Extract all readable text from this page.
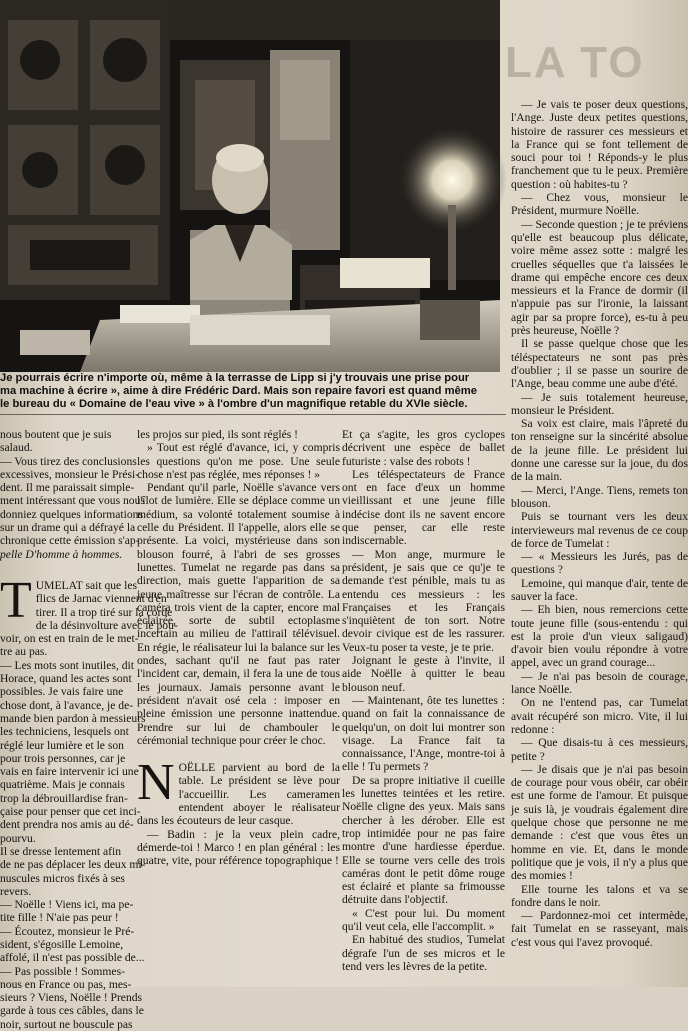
LA TO

Je pourrais écrire n'importe où, même à la terrasse de Lipp si j'y trouvais une prise pour

ma machine à écrire », aime à dire Frédéric Dard. Mais son repaire favori est quand même

le bureau du « Domaine de l'eau vive » à l'ombre d'un magnifique retable du XVIe siècle.

nous boutent que je suis

salaud.

— Vous tirez des conclusions

excessives, monsieur le Prési-

dent. Il me paraissait simple-

ment intéressant que vous nous

donniez quelques informations

sur un drame qui a défrayé la

chronique cette émission s'ap-

pelle D'homme à hommes.

T UMELAT sait que les

flics de Jarnac viennent d'en

tirer. Il a trop tiré sur la corde

de la désinvolture avec le pou-

voir, on est en train de le met-

tre au pas.

— Les mots sont inutiles, dit

Horace, quand les actes sont

possibles. Je vais faire une

chose dont, à l'avance, je de-

mande bien pardon à messieurs

les techniciens, lesquels ont

réglé leur lumière et le son

pour trois personnes, car je

vais en faire intervenir ici une

quatrième. Mais je connais

trop la débrouillardise fran-

çaise pour penser que cet inci-

dent prendra nos amis au dé-

pourvu.

Il se dresse lentement afin

de ne pas déplacer les deux mi-

nuscules micros fixés à ses

revers.

— Noëlle ! Viens ici, ma pe-

tite fille ! N'aie pas peur !

— Écoutez, monsieur le Pré-

sident, s'égosille Lemoine,

affolé, il n'est pas possible de...

— Pas possible ! Sommes-

nous en France ou pas, mes-

sieurs ? Viens, Noëlle ! Prends

garde à tous ces câbles, dans le

noir, surtout ne bouscule pas

les projos sur pied, ils sont réglés !

» Tout est réglé d'avance, ici, y compris les questions qu'on me pose. Une seule chose n'est pas réglée, mes réponses ! »

Pendant qu'il parle, Noëlle s'avance vers l'îlot de lumière. Elle se déplace comme un médium, sa volonté totalement soumise à celle du Président. Il l'appelle, alors elle se présente. La voici, mystérieuse dans son blouson fourré, à l'abri de ses grosses lunettes. Tumelat ne regarde pas dans sa direction, mais guette l'apparition de sa jeune maîtresse sur l'écran de contrôle. La caméra trois vient de la capter, encore mal éclairée, sorte de subtil ectoplasme incertain au milieu de l'attirail télévisuel. En régie, le réalisateur lui la balance sur les ondes, sachant qu'il ne faut pas rater l'incident car, demain, il fera la une de tous les journaux. Jamais personne avant le président n'avait osé cela : imposer en pleine émission une personne inattendue. Prendre sur lui de chambouler le cérémonial technique pour créer le choc.

N OËLLE parvient au bord de la table. Le président se lève pour l'accueillir. Les cameramen entendent aboyer le réalisateur dans les écouteurs de leur casque.

— Badin : je la veux plein cadre, démerde-toi ! Marco ! en plan général : les quatre, vite, pour référence topographique !

Et ça s'agite, les gros cyclopes décrivent une espèce de ballet futuriste : valse des robots !

Les téléspectateurs de France ont en face d'eux un homme vieillissant et une jeune fille indécise dont ils ne savent encore que penser, car elle reste indiscernable.

— Mon ange, murmure le président, je sais que ce qu'je te demande t'est pénible, mais tu as entendu ces messieurs : les Françaises et les Français s'inquiètent de ton sort. Notre devoir civique est de les rassurer. Veux-tu poser ta veste, je te prie.

Joignant le geste à l'invite, il aide Noëlle à quitter le beau blouson neuf.

— Maintenant, ôte tes lunettes : quand on fait la connaissance de quelqu'un, on doit lui montrer son visage. La France fait ta connaissance, l'Ange, montre-toi à elle ! Tu permets ?

De sa propre initiative il cueille les lunettes teintées et les retire. Noëlle cligne des yeux. Mais sans chercher à les dérober. Elle est trop intimidée pour ne pas faire montre d'une hardiesse éperdue. Elle se tourne vers celle des trois caméras dont le petit dôme rouge est éclairé et plante sa frimousse détruite dans l'objectif.

« C'est pour lui. Du moment qu'il veut cela, elle l'accomplit. »

En habitué des studios, Tumelat dégrafe l'un de ses micros et le tend vers les lèvres de la petite.

— Je vais te poser deux questions, l'Ange. Juste deux petites questions, histoire de rassurer ces messieurs et la France qui se font tellement de souci pour toi ! Réponds-y le plus franchement que tu le peux. Première question : où habites-tu ?

— Chez vous, monsieur le Président, murmure Noëlle.

— Seconde question ; je te préviens qu'elle est beaucoup plus délicate, voire même assez sotte : malgré les cruelles séquelles que t'a laissées le drame qui empêche encore ces deux messieurs et la France de dormir (il n'appuie pas sur l'ironie, la laissant agir par sa propre force), es-tu à peu près heureuse, Noëlle ?

Il se passe quelque chose que les téléspectateurs ne sont pas près d'oublier ; il se passe un sourire de l'Ange, beau comme une aube d'été.

— Je suis totalement heureuse, monsieur le Président.

Sa voix est claire, mais l'âpreté du ton renseigne sur la sincérité absolue de la jeune fille. Le président lui donne une caresse sur la joue, du dos de la main.

— Merci, l'Ange. Tiens, remets ton blouson.

Puis se tournant vers les deux intervieweurs mal revenus de ce coup de force de Tumelat :

— « Messieurs les Jurés, pas de questions ?

Lemoine, qui manque d'air, tente de sauver la face.

— Eh bien, nous remercions cette toute jeune fille (sous-entendu : qui est la proie d'un vieux saligaud) d'avoir bien voulu répondre à votre appel, avec un grand courage...

— Je n'ai pas besoin de courage, lance Noëlle.

On ne l'entend pas, car Tumelat avait récupéré son micro. Vite, il lui redonne :

— Que disais-tu à ces messieurs, petite ?

— Je disais que je n'ai pas besoin de courage pour vous obéir, car obéir est une forme de l'amour. Et puisque je suis là, je voudrais également dire quelque chose que personne ne me demande : c'est que vous êtes un homme en vie. Et, dans le monde politique que je vois, il n'y a plus que des momies !

Elle tourne les talons et va se fondre dans le noir.

— Pardonnez-moi cet intermède, fait Tumelat en se rasseyant, mais c'est vous qui l'avez provoqué.
